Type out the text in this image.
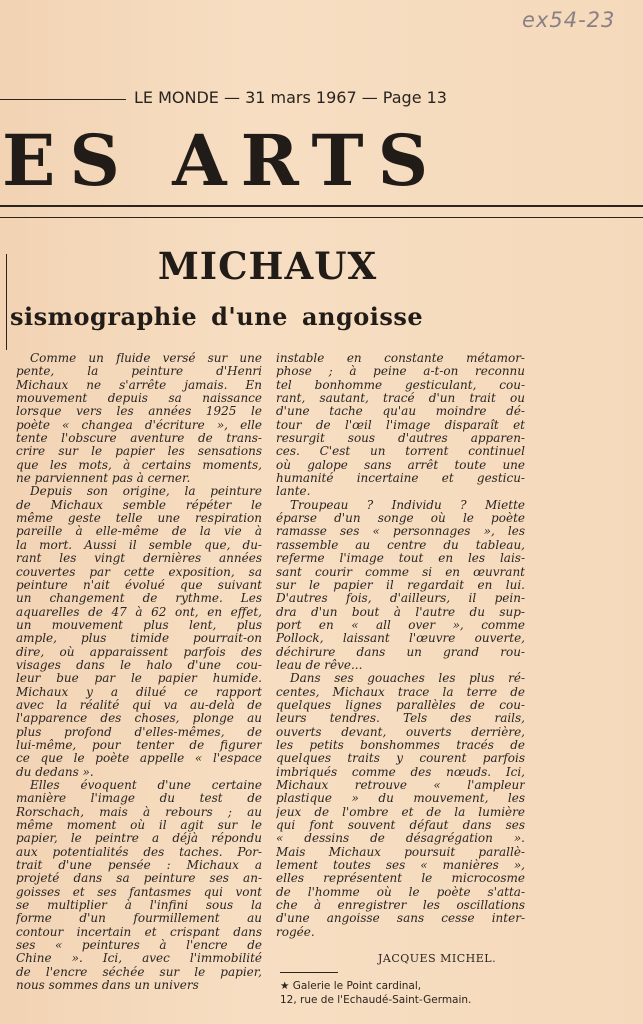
ex54-23
LE MONDE — 31 mars 1967 — Page 13
ES ARTS
MICHAUX
sismographie d'une angoisse
Comme un fluide versé sur une
pente, la peinture d'Henri
Michaux ne s'arrête jamais. En
mouvement depuis sa naissance
lorsque vers les années 1925 le
poète « changea d'écriture », elle
tente l'obscure aventure de trans-
crire sur le papier les sensations
que les mots, à certains moments,
ne parviennent pas à cerner.
Depuis son origine, la peinture
de Michaux semble répéter le
même geste telle une respiration
pareille à elle-même de la vie à
la mort. Aussi il semble que, du-
rant les vingt dernières années
couvertes par cette exposition, sa
peinture n'ait évolué que suivant
un changement de rythme. Les
aquarelles de 47 à 62 ont, en effet,
un mouvement plus lent, plus
ample, plus timide pourrait-on
dire, où apparaissent parfois des
visages dans le halo d'une cou-
leur bue par le papier humide.
Michaux y a dilué ce rapport
avec la réalité qui va au-delà de
l'apparence des choses, plonge au
plus profond d'elles-mêmes, de
lui-même, pour tenter de figurer
ce que le poète appelle « l'espace
du dedans ».
Elles évoquent d'une certaine
manière l'image du test de
Rorschach, mais à rebours ; au
même moment où il agit sur le
papier, le peintre a déjà répondu
aux potentialités des taches. Por-
trait d'une pensée : Michaux a
projeté dans sa peinture ses an-
goisses et ses fantasmes qui vont
se multiplier à l'infini sous la
forme d'un fourmillement au
contour incertain et crispant dans
ses « peintures à l'encre de
Chine ». Ici, avec l'immobilité
de l'encre séchée sur le papier,
nous sommes dans un univers
instable en constante métamor-
phose ; à peine a-t-on reconnu
tel bonhomme gesticulant, cou-
rant, sautant, tracé d'un trait ou
d'une tache qu'au moindre dé-
tour de l'œil l'image disparaît et
resurgit sous d'autres apparen-
ces. C'est un torrent continuel
où galope sans arrêt toute une
humanité incertaine et gesticu-
lante.
Troupeau ? Individu ? Miette
éparse d'un songe où le poète
ramasse ses « personnages », les
rassemble au centre du tableau,
referme l'image tout en les lais-
sant courir comme si en œuvrant
sur le papier il regardait en lui.
D'autres fois, d'ailleurs, il pein-
dra d'un bout à l'autre du sup-
port en « all over », comme
Pollock, laissant l'œuvre ouverte,
déchirure dans un grand rou-
leau de rêve...
Dans ses gouaches les plus ré-
centes, Michaux trace la terre de
quelques lignes parallèles de cou-
leurs tendres. Tels des rails,
ouverts devant, ouverts derrière,
les petits bonshommes tracés de
quelques traits y courent parfois
imbriqués comme des nœuds. Ici,
Michaux retrouve « l'ampleur
plastique » du mouvement, les
jeux de l'ombre et de la lumière
qui font souvent défaut dans ses
« dessins de désagrégation ».
Mais Michaux poursuit parallè-
lement toutes ses « manières »,
elles représentent le microcosme
de l'homme où le poète s'atta-
che à enregistrer les oscillations
d'une angoisse sans cesse inter-
rogée.
JACQUES MICHEL.
★ Galerie le Point cardinal,
12, rue de l'Echaudé-Saint-Germain.
